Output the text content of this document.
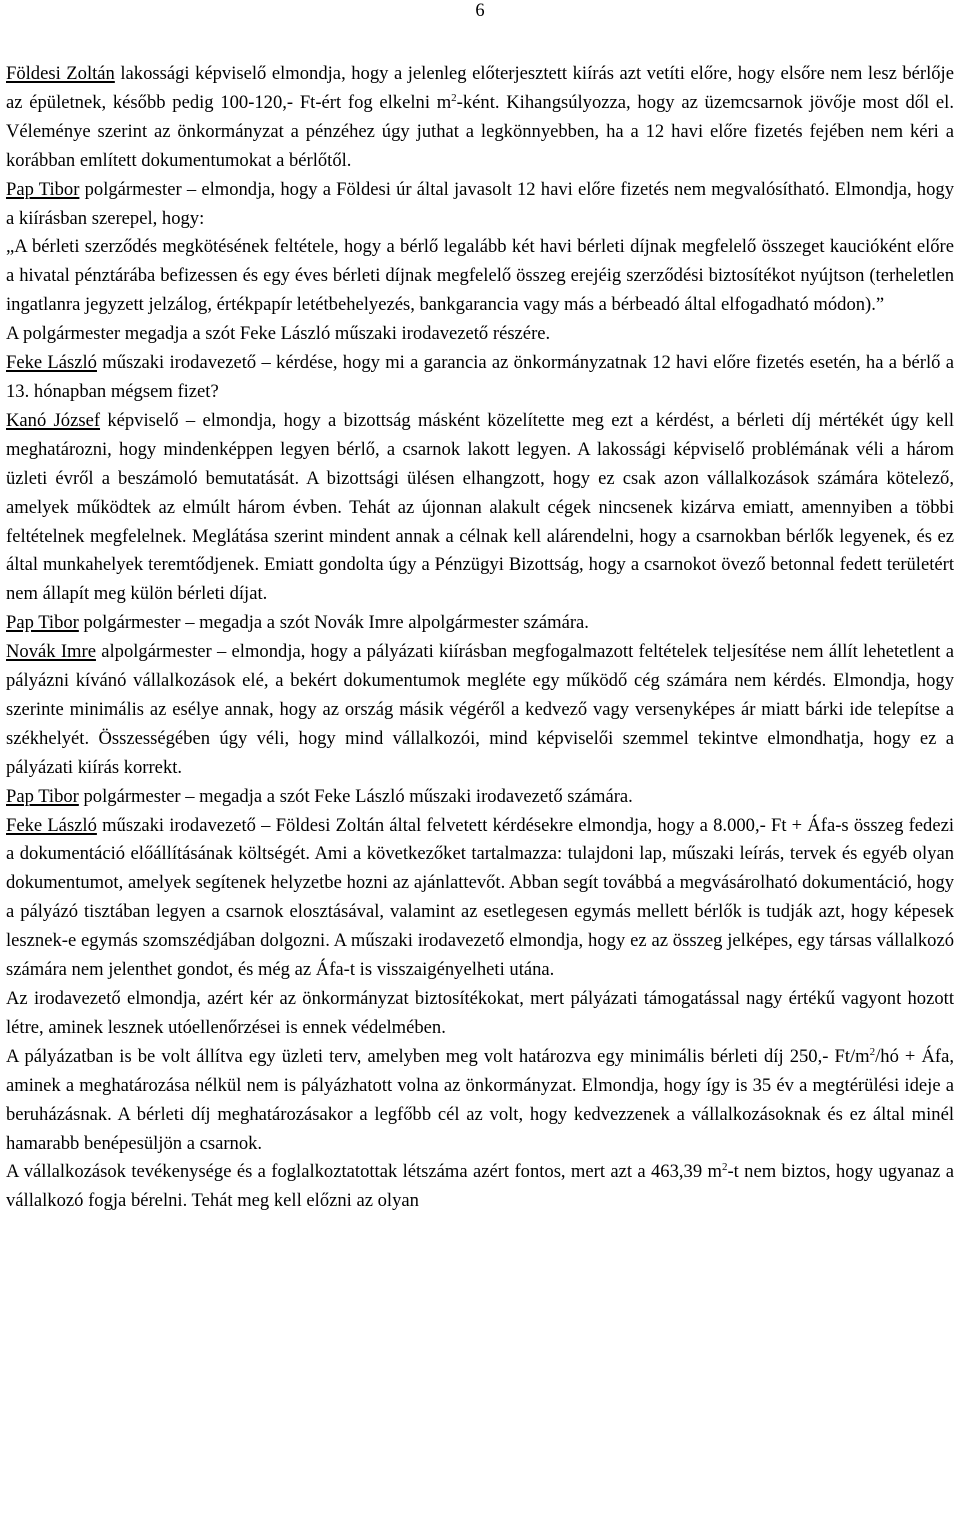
6

Földesi Zoltán lakossági képviselő elmondja, hogy a jelenleg előterjesztett kiírás azt vetíti előre, hogy elsőre nem lesz bérlője az épületnek, később pedig 100-120,- Ft-ért fog elkelni $m^2$-ként. Kihangsúlyozza, hogy az üzemcsarnok jövője most dől el. Véleménye szerint az önkormányzat a pénzéhez úgy juthat a legkönnyebben, ha a 12 havi előre fizetés fejében nem kéri a korábban említett dokumentumokat a bérlőtől.

Pap Tibor polgármester – elmondja, hogy a Földesi úr által javasolt 12 havi előre fizetés nem megvalósítható. Elmondja, hogy a kiírásban szerepel, hogy:

„A bérleti szerződés megkötésének feltétele, hogy a bérlő legalább két havi bérleti díjnak megfelelő összeget kaucióként előre a hivatal pénztárába befizessen és egy éves bérleti díjnak megfelelő összeg erejéig szerződési biztosítékot nyújtson (terheletlen ingatlanra jegyzett jelzálog, értékpapír letétbehelyezés, bankgarancia vagy más a bérbeadó által elfogadható módon).”

A polgármester megadja a szót Feke László műszaki irodavezető részére.

Feke László műszaki irodavezető – kérdése, hogy mi a garancia az önkormányzatnak 12 havi előre fizetés esetén, ha a bérlő a 13. hónapban mégsem fizet?

Kanó József képviselő – elmondja, hogy a bizottság másként közelítette meg ezt a kérdést, a bérleti díj mértékét úgy kell meghatározni, hogy mindenképpen legyen bérlő, a csarnok lakott legyen. A lakossági képviselő problémának véli a három üzleti évről a beszámoló bemutatását. A bizottsági ülésen elhangzott, hogy ez csak azon vállalkozások számára kötelező, amelyek működtek az elmúlt három évben. Tehát az újonnan alakult cégek nincsenek kizárva emiatt, amennyiben a többi feltételnek megfelelnek. Meglátása szerint mindent annak a célnak kell alárendelni, hogy a csarnokban bérlők legyenek, és ez által munkahelyek teremtődjenek. Emiatt gondolta úgy a Pénzügyi Bizottság, hogy a csarnokot övező betonnal fedett területért nem állapít meg külön bérleti díjat.

Pap Tibor polgármester – megadja a szót Novák Imre alpolgármester számára.

Novák Imre alpolgármester – elmondja, hogy a pályázati kiírásban megfogalmazott feltételek teljesítése nem állít lehetetlent a pályázni kívánó vállalkozások elé, a bekért dokumentumok megléte egy működő cég számára nem kérdés. Elmondja, hogy szerinte minimális az esélye annak, hogy az ország másik végéről a kedvező vagy versenyképes ár miatt bárki ide telepítse a székhelyét. Összességében úgy véli, hogy mind vállalkozói, mind képviselői szemmel tekintve elmondhatja, hogy ez a pályázati kiírás korrekt.

Pap Tibor polgármester – megadja a szót Feke László műszaki irodavezető számára.

Feke László műszaki irodavezető – Földesi Zoltán által felvetett kérdésekre elmondja, hogy a 8.000,- Ft + Áfa-s összeg fedezi a dokumentáció előállításának költségét. Ami a következőket tartalmazza: tulajdoni lap, műszaki leírás, tervek és egyéb olyan dokumentumot, amelyek segítenek helyzetbe hozni az ajánlattevőt. Abban segít továbbá a megvásárolható dokumentáció, hogy a pályázó tisztában legyen a csarnok elosztásával, valamint az esetlegesen egymás mellett bérlők is tudják azt, hogy képesek lesznek-e egymás szomszédjában dolgozni. A műszaki irodavezető elmondja, hogy ez az összeg jelképes, egy társas vállalkozó számára nem jelenthet gondot, és még az Áfa-t is visszaigényelheti utána.

Az irodavezető elmondja, azért kér az önkormányzat biztosítékokat, mert pályázati támogatással nagy értékű vagyont hozott létre, aminek lesznek utóellenőrzései is ennek védelmében.

A pályázatban is be volt állítva egy üzleti terv, amelyben meg volt határozva egy minimális bérleti díj 250,- $Ft/m^2/hó$ + Áfa, aminek a meghatározása nélkül nem is pályázhatott volna az önkormányzat. Elmondja, hogy így is 35 év a megtérülési ideje a beruházásnak. A bérleti díj meghatározásakor a legfőbb cél az volt, hogy kedvezzenek a vállalkozásoknak és ez által minél hamarabb benépesüljön a csarnok.

A vállalkozások tevékenysége és a foglalkoztatottak létszáma azért fontos, mert azt a 463,39 $m^2-t$ nem biztos, hogy ugyanaz a vállalkozó fogja bérelni. Tehát meg kell előzni az olyan
